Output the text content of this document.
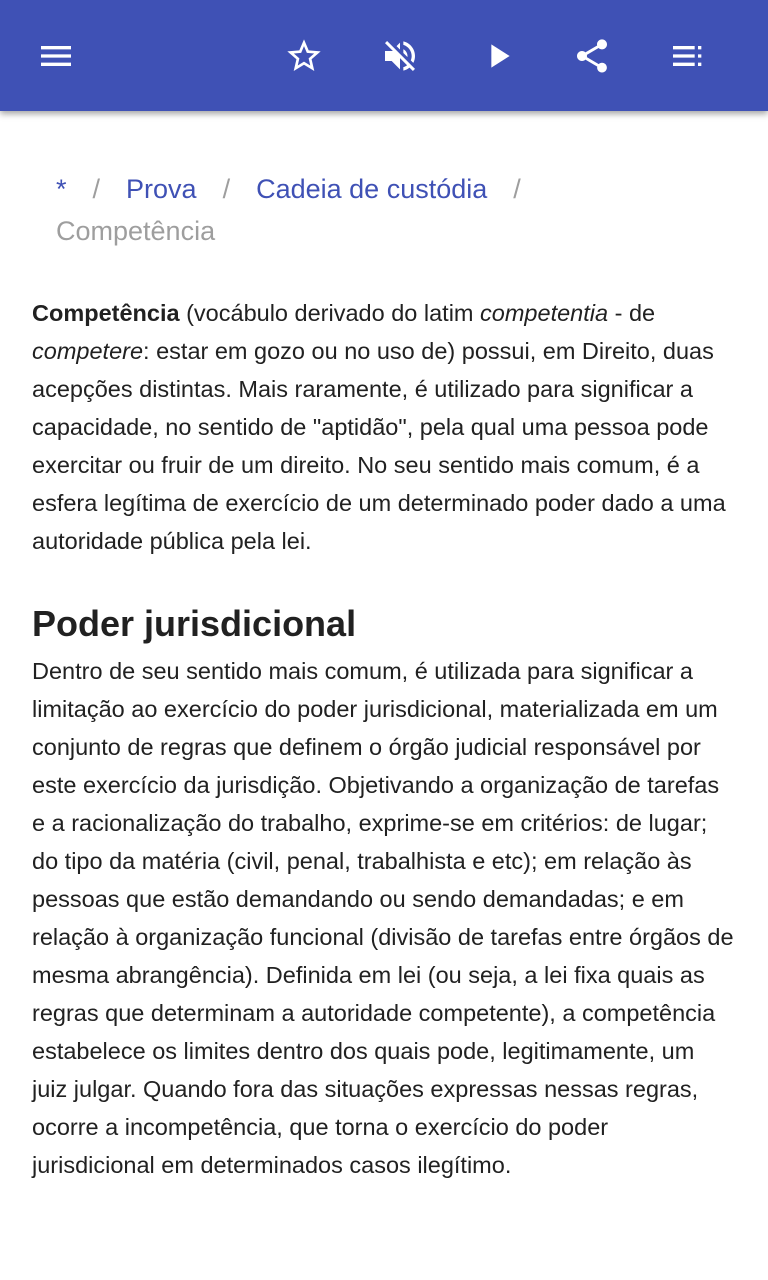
* / Prova / Cadeia de custódia /
Competência

Competência (vocábulo derivado do latim competentia - de competere: estar em gozo ou no uso de) possui, em Direito, duas acepções distintas. Mais raramente, é utilizado para significar a capacidade, no sentido de "aptidão", pela qual uma pessoa pode exercitar ou fruir de um direito. No seu sentido mais comum, é a esfera legítima de exercício de um determinado poder dado a uma autoridade pública pela lei.

Poder jurisdicional

Dentro de seu sentido mais comum, é utilizada para significar a limitação ao exercício do poder jurisdicional, materializada em um conjunto de regras que definem o órgão judicial responsável por este exercício da jurisdição. Objetivando a organização de tarefas e a racionalização do trabalho, exprime-se em critérios: de lugar; do tipo da matéria (civil, penal, trabalhista e etc); em relação às pessoas que estão demandando ou sendo demandadas; e em relação à organização funcional (divisão de tarefas entre órgãos de mesma abrangência). Definida em lei (ou seja, a lei fixa quais as regras que determinam a autoridade competente), a competência estabelece os limites dentro dos quais pode, legitimamente, um juiz julgar. Quando fora das situações expressas nessas regras, ocorre a incompetência, que torna o exercício do poder jurisdicional em determinados casos ilegítimo.
